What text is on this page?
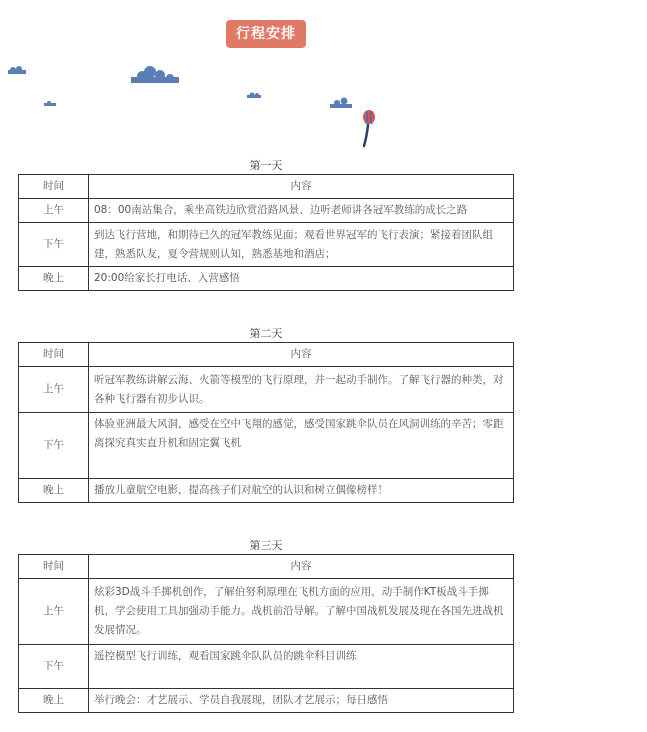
行程安排
第一天
时间	内容
上午	08：00南站集合，乘坐高铁边欣赏沿路风景、边听老师讲各冠军教练的成长之路
下午	到达飞行营地，和期待已久的冠军教练见面；观看世界冠军的飞行表演；紧接着团队组建，熟悉队友，夏令营规则认知，熟悉基地和酒店；
晚上	20:00给家长打电话、入营感悟
第二天
时间	内容
上午	听冠军教练讲解云海、火箭等模型的飞行原理，并一起动手制作。了解飞行器的种类，对各种飞行器有初步认识。
下午	体验亚洲最大风洞，感受在空中飞翔的感觉，感受国家跳伞队员在风洞训练的辛苦；零距离探究真实直升机和固定翼飞机
晚上	播放儿童航空电影，提高孩子们对航空的认识和树立偶像榜样！
第三天
时间	内容
上午	炫彩3D战斗手掷机创作，了解伯努利原理在飞机方面的应用，动手制作KT板战斗手掷机，学会使用工具加强动手能力。战机前沿导解。了解中国战机发展及现在各国先进战机发展情况。
下午	遥控模型飞行训练，观看国家跳伞队队员的跳伞科目训练
晚上	举行晚会：才艺展示、学员自我展现，团队才艺展示；每日感悟
